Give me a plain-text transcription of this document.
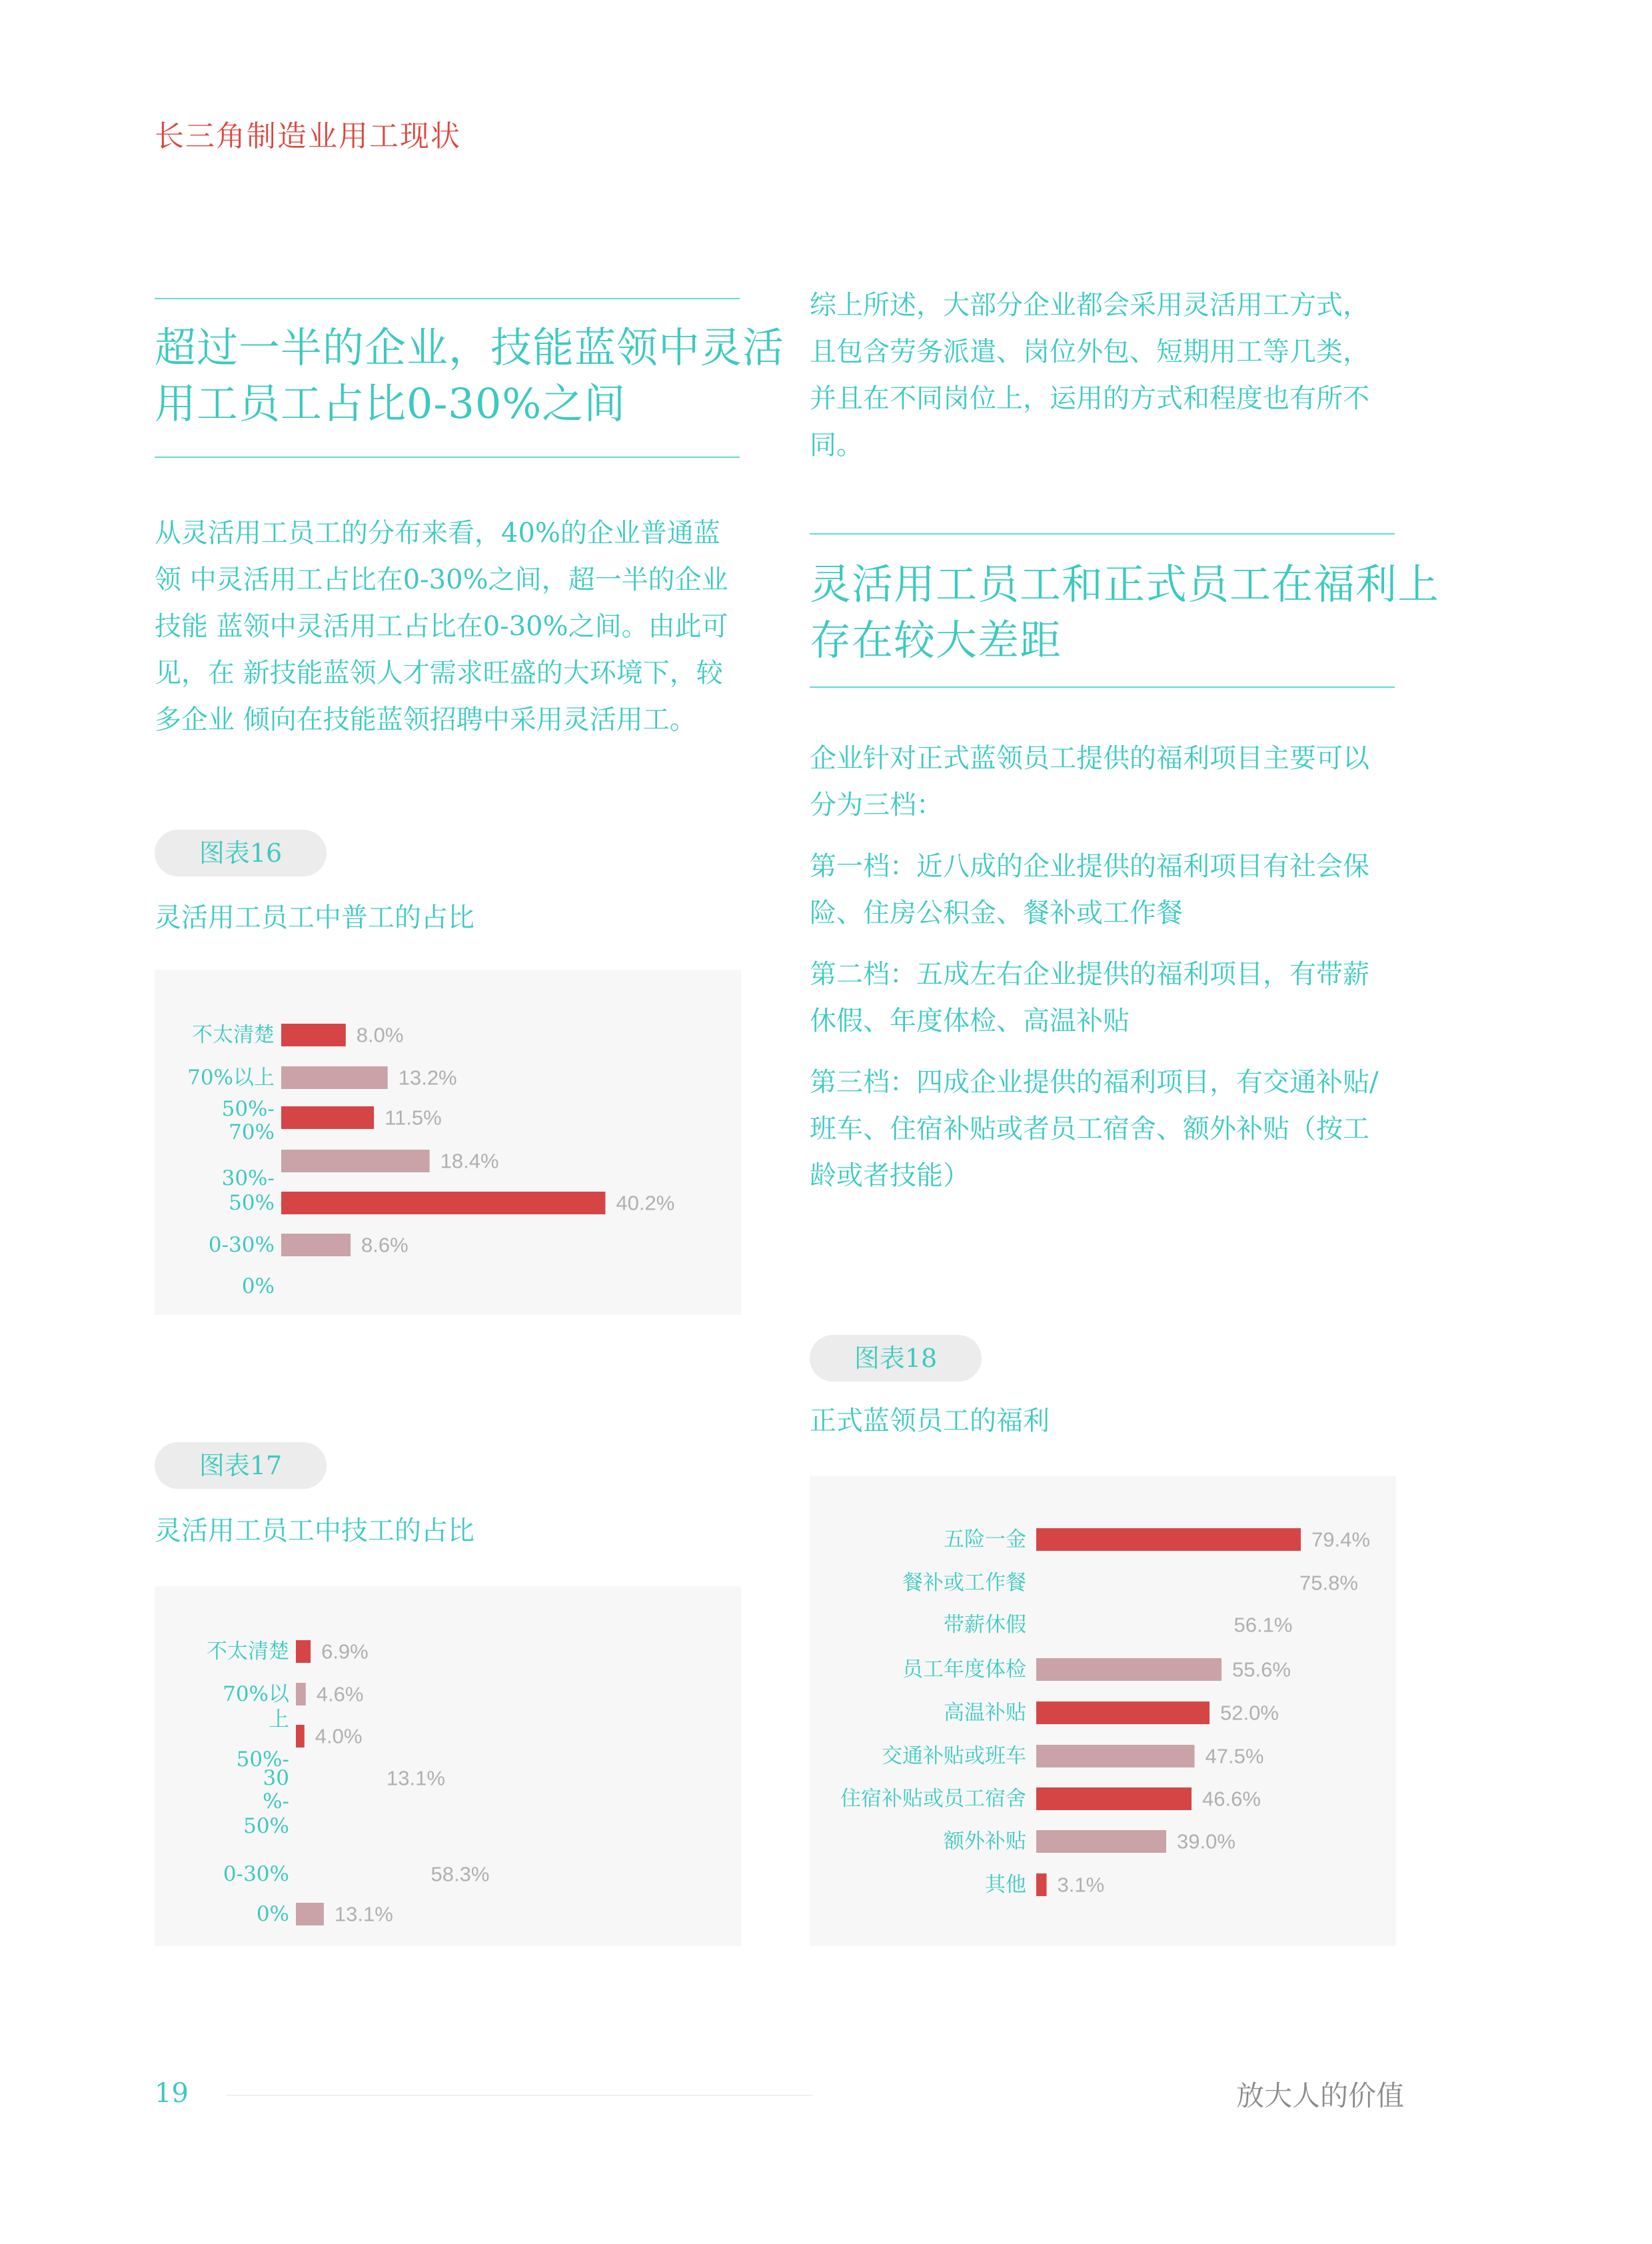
长三角制造业用工现状
超过一半的企业，技能蓝领中灵活
用工员工占比0-30%之间
从灵活用工员工的分布来看，40%的企业普通蓝
领 中灵活用工占比在0-30%之间，超一半的企业
技能 蓝领中灵活用工占比在0-30%之间。由此可
见，在 新技能蓝领人才需求旺盛的大环境下，较
多企业 倾向在技能蓝领招聘中采用灵活用工。
图表16
灵活用工员工中普工的占比
8.0%
13.2%
11.5%
18.4%
40.2%
8.6%
不太清楚
70%以上
50%-
70%
30%-
50%
0-30%
0%
图表17
灵活用工员工中技工的占比
6.9%
4.6%
4.0%
13.1%
58.3%
13.1%
不太清楚
70%以
上
50%-
30
%-
50%
0-30%
0%
综上所述，大部分企业都会采用灵活用工方式，
且包含劳务派遣、岗位外包、短期用工等几类，
并且在不同岗位上，运用的方式和程度也有所不
同。
灵活用工员工和正式员工在福利上
存在较大差距
企业针对正式蓝领员工提供的福利项目主要可以
分为三档：
第一档：近八成的企业提供的福利项目有社会保
险、住房公积金、餐补或工作餐
第二档：五成左右企业提供的福利项目，有带薪
休假、年度体检、高温补贴
第三档：四成企业提供的福利项目，有交通补贴/
班车、住宿补贴或者员工宿舍、额外补贴（按工
龄或者技能）
图表18
正式蓝领员工的福利
79.4%
75.8%
56.1%
55.6%
52.0%
47.5%
46.6%
39.0%
3.1%
五险一金
餐补或工作餐
带薪休假
员工年度体检
高温补贴
交通补贴或班车
住宿补贴或员工宿舍
额外补贴
其他
19	放大人的价值
